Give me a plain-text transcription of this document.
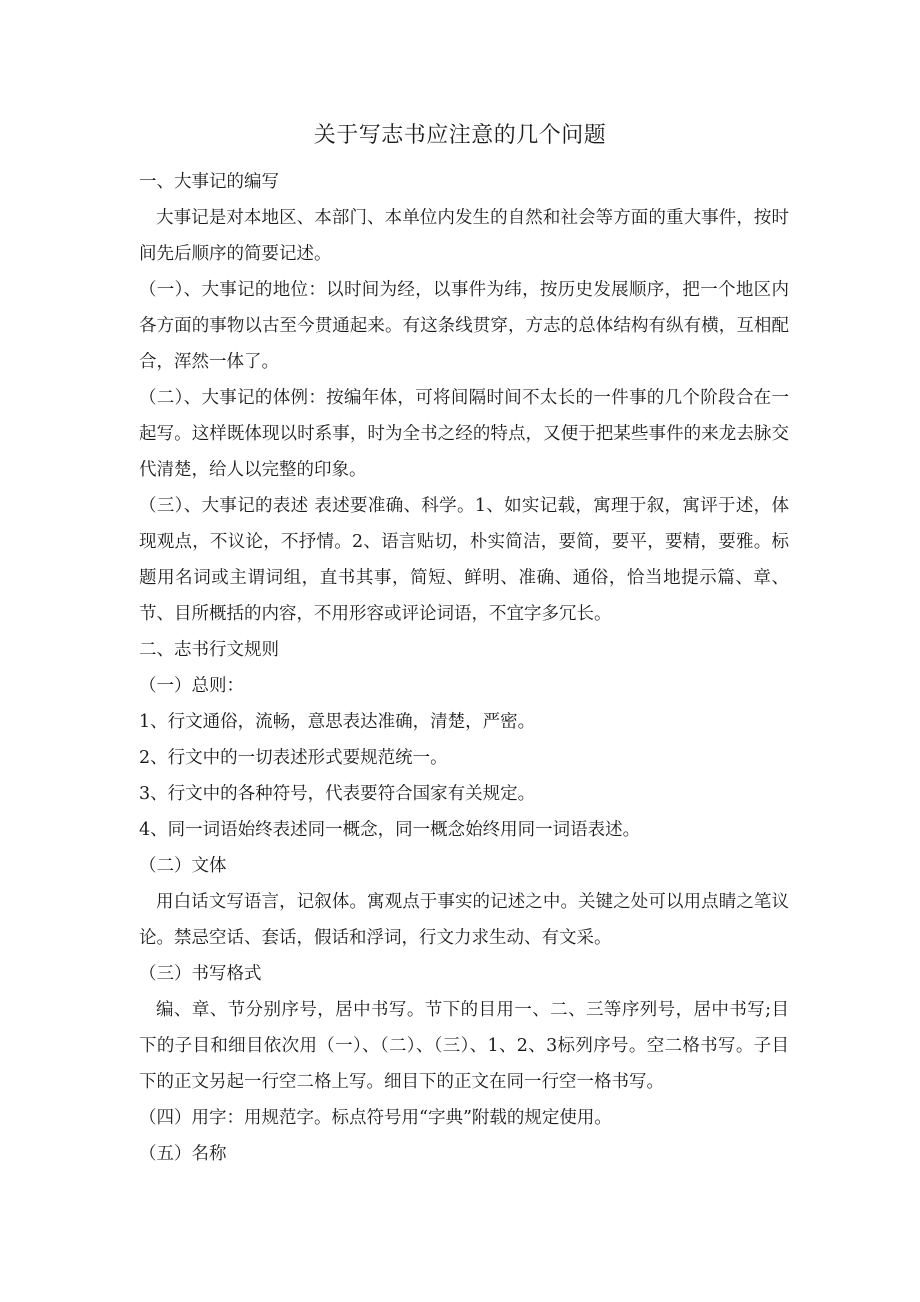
关于写志书应注意的几个问题

一、大事记的编写

大事记是对本地区、本部门、本单位内发生的自然和社会等方面的重大事件，按时间先后顺序的简要记述。

（一）、大事记的地位：以时间为经，以事件为纬，按历史发展顺序，把一个地区内各方面的事物以古至今贯通起来。有这条线贯穿，方志的总体结构有纵有横，互相配合，浑然一体了。

（二）、大事记的体例：按编年体，可将间隔时间不太长的一件事的几个阶段合在一起写。这样既体现以时系事，时为全书之经的特点，又便于把某些事件的来龙去脉交代清楚，给人以完整的印象。

（三）、大事记的表述 表述要准确、科学。1、如实记载，寓理于叙，寓评于述，体现观点，不议论，不抒情。2、语言贴切，朴实简洁，要简，要平，要精，要雅。标题用名词或主谓词组，直书其事，简短、鲜明、准确、通俗，恰当地提示篇、章、节、目所概括的内容，不用形容或评论词语，不宜字多冗长。

二、志书行文规则

（一）总则：

1、行文通俗，流畅，意思表达准确，清楚，严密。

2、行文中的一切表述形式要规范统一。

3、行文中的各种符号，代表要符合国家有关规定。

4、同一词语始终表述同一概念，同一概念始终用同一词语表述。

（二）文体

用白话文写语言，记叙体。寓观点于事实的记述之中。关键之处可以用点睛之笔议论。禁忌空话、套话，假话和浮词，行文力求生动、有文采。

（三）书写格式

编、章、节分别序号，居中书写。节下的目用一、二、三等序列号，居中书写;目下的子目和细目依次用（一）、（二）、（三）、1、2、3标列序号。空二格书写。子目下的正文另起一行空二格上写。细目下的正文在同一行空一格书写。

（四）用字：用规范字。标点符号用“字典”附载的规定使用。

（五）名称
